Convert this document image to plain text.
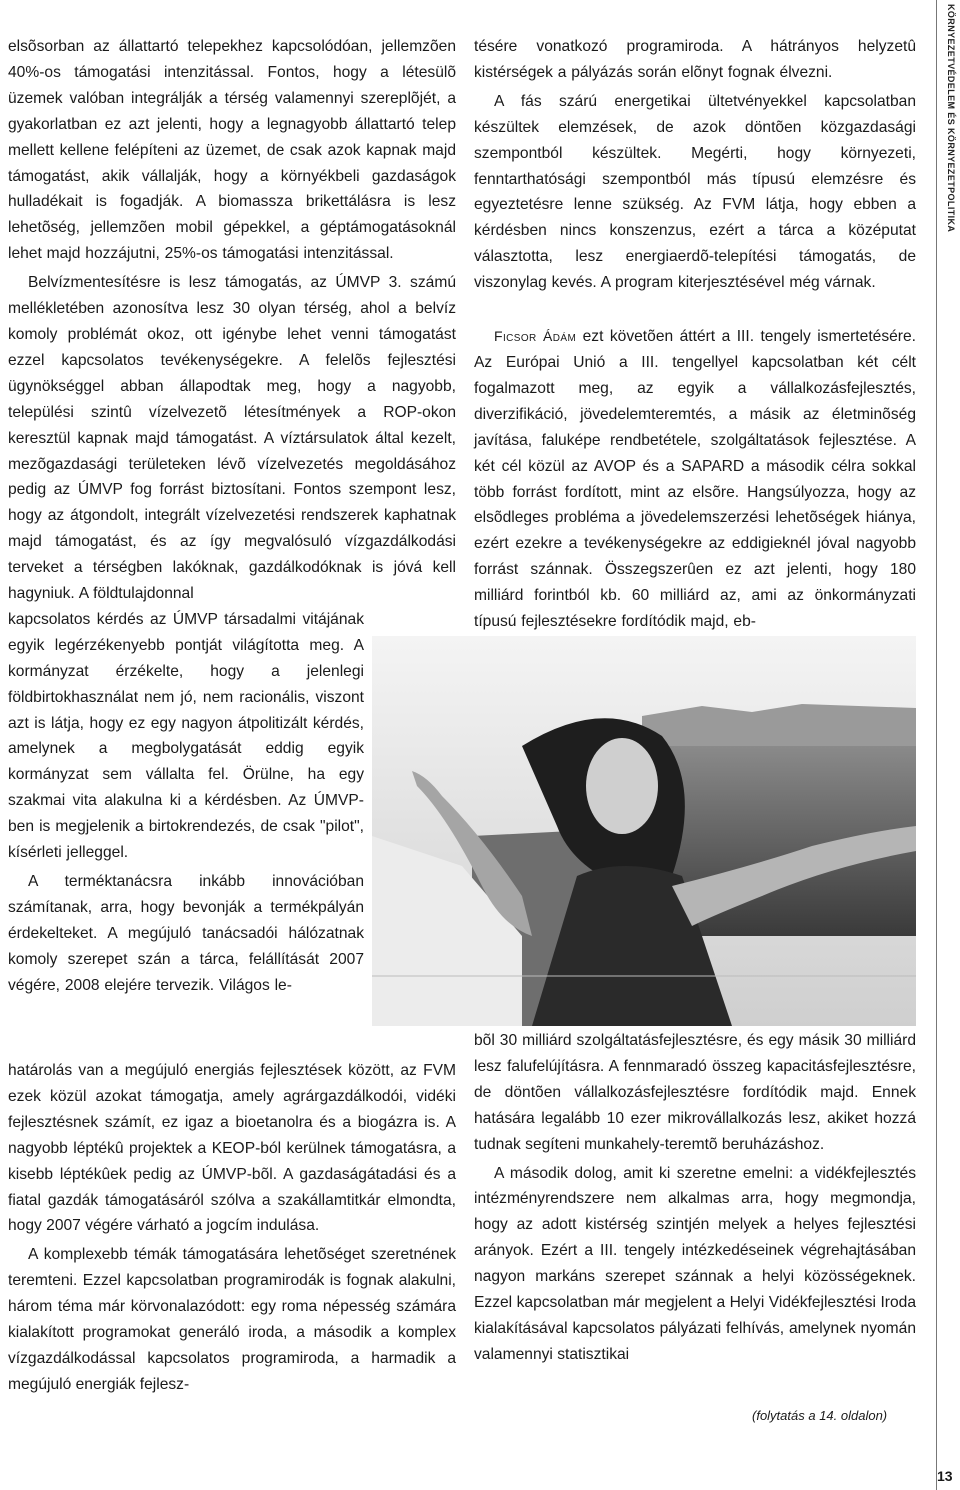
KÖRNYEZETVÉDELEM ÉS KÖRNYEZETPOLITIKA

elsõsorban az állattartó telepekhez kapcsolódóan, jellemzõen 40%-os támogatási intenzitással. Fontos, hogy a létesülõ üzemek valóban integrálják a térség valamennyi szereplõjét, a gyakorlatban ez azt jelenti, hogy a legnagyobb állattartó telep mellett kellene felépíteni az üzemet, de csak azok kapnak majd támogatást, akik vállalják, hogy a környékbeli gazdaságok hulladékait is fogadják. A biomassza brikettálásra is lesz lehetõség, jellemzõen mobil gépekkel, a géptámogatásoknál lehet majd hozzájutni, 25%-os támogatási intenzitással.

Belvízmentesítésre is lesz támogatás, az ÚMVP 3. számú mellékletében azonosítva lesz 30 olyan térség, ahol a belvíz komoly problémát okoz, ott igénybe lehet venni támogatást ezzel kapcsolatos tevékenységekre. A felelõs fejlesztési ügynökséggel abban állapodtak meg, hogy a nagyobb, települési szintû vízelvezetõ létesítmények a ROP-okon keresztül kapnak majd támogatást. A víztársulatok által kezelt, mezõgazdasági területeken lévõ vízelvezetés megoldásához pedig az ÚMVP fog forrást biztosítani. Fontos szempont lesz, hogy az átgondolt, integrált vízelvezetési rendszerek kaphatnak majd támogatást, és az így megvalósuló vízgazdálkodási terveket a térségben lakóknak, gazdálkodóknak is jóvá kell hagyniuk. A földtulajdonnal

kapcsolatos kérdés az ÚMVP társadalmi vitájának egyik legérzékenyebb pontját világította meg. A kormányzat érzékelte, hogy a jelenlegi földbirtokhasználat nem jó, nem racionális, viszont azt is látja, hogy ez egy nagyon átpolitizált kérdés, amelynek a megbolygatását eddig egyik kormányzat sem vállalta fel. Örülne, ha egy szakmai vita alakulna ki a kérdésben. Az ÚMVP-ben is megjelenik a birtokrendezés, de csak "pilot", kísérleti jelleggel.

A terméktanácsra inkább innovációban számítanak, arra, hogy bevonják a termékpályán érdekelteket. A megújuló tanácsadói hálózatnak komoly szerepet szán a tárca, felállítását 2007 végére, 2008 elejére tervezik. Világos le-

határolás van a megújuló energiás fejlesztések között, az FVM ezek közül azokat támogatja, amely agrárgazdálkodói, vidéki fejlesztésnek számít, ez igaz a bioetanolra és a biogázra is. A nagyobb léptékû projektek a KEOP-ból kerülnek támogatásra, a kisebb léptékûek pedig az ÚMVP-bõl. A gazdaságátadási és a fiatal gazdák támogatásáról szólva a szakállamtitkár elmondta, hogy 2007 végére várható a jogcím indulása.

A komplexebb témák támogatására lehetõséget szeretnének teremteni. Ezzel kapcsolatban programirodák is fognak alakulni, három téma már körvonalazódott: egy roma népesség számára kialakított programokat generáló iroda, a második a komplex vízgazdálkodással kapcsolatos programiroda, a harmadik a megújuló energiák fejlesz-

tésére vonatkozó programiroda. A hátrányos helyzetû kistérségek a pályázás során elõnyt fognak élvezni.

A fás szárú energetikai ültetvényekkel kapcsolatban készültek elemzések, de azok döntõen közgazdasági szempontból készültek. Megérti, hogy környezeti, fenntarthatósági szempontból más típusú elemzésre és egyeztetésre lenne szükség. Az FVM látja, hogy ebben a kérdésben nincs konszenzus, ezért a tárca a középutat választotta, lesz energiaerdõ-telepítési támogatás, de viszonylag kevés. A program kiterjesztésével még várnak.

Ficsor Ádám ezt követõen áttért a III. tengely ismertetésére. Az Európai Unió a III. tengellyel kapcsolatban két célt fogalmazott meg, az egyik a vállalkozásfejlesztés, diverzifikáció, jövedelemteremtés, a másik az életminõség javítása, faluképe rendbetétele, szolgáltatások fejlesztése. A két cél közül az AVOP és a SAPARD a második célra sokkal több forrást fordított, mint az elsõre. Hangsúlyozza, hogy az elsõdleges probléma a jövedelemszerzési lehetõségek hiánya, ezért ezekre a tevékenységekre az eddigieknél jóval nagyobb forrást szánnak. Összegszerûen ez azt jelenti, hogy 180 milliárd forintból kb. 60 milliárd az, ami az önkormányzati típusú fejlesztésekre fordítódik majd, eb-

bõl 30 milliárd szolgáltatásfejlesztésre, és egy másik 30 milliárd lesz falufelújításra. A fennmaradó összeg kapacitásfejlesztésre, de döntõen vállalkozásfejlesztésre fordítódik majd. Ennek hatására legalább 10 ezer mikrovállalkozás lesz, akiket hozzá tudnak segíteni munkahely-teremtõ beruházáshoz.

A második dolog, amit ki szeretne emelni: a vidékfejlesztés intézményrendszere nem alkalmas arra, hogy megmondja, hogy az adott kistérség szintjén melyek a helyes fejlesztési arányok. Ezért a III. tengely intézkedéseinek végrehajtásában nagyon markáns szerepet szánnak a helyi közösségeknek. Ezzel kapcsolatban már megjelent a Helyi Vidékfejlesztési Iroda kialakításával kapcsolatos pályázati felhívás, amelynek nyomán valamennyi statisztikai

(folytatás a 14. oldalon)
13
